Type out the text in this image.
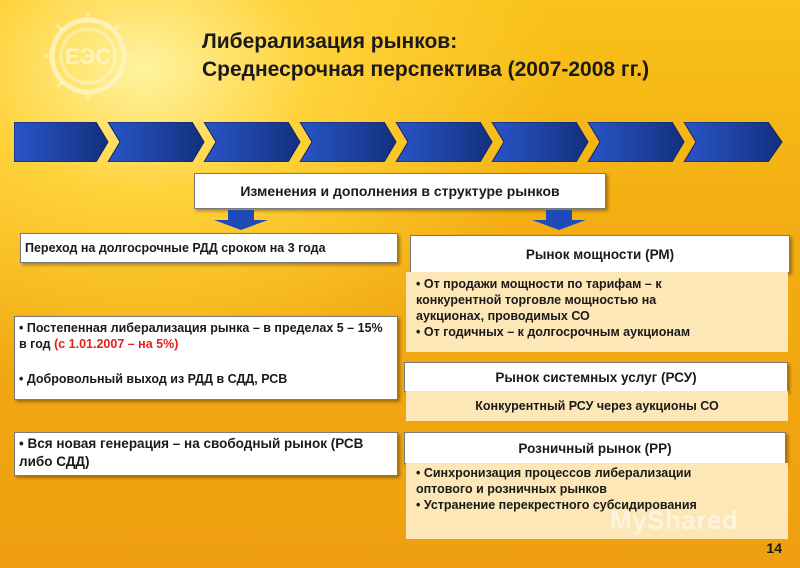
ЕЭС
Либерализация рынков:
Среднесрочная перспектива (2007-2008 гг.)
Изменения и дополнения в структуре рынков
Переход на долгосрочные РДД сроком на 3 года
• Постепенная либерализация рынка – в пределах 5 – 15% в год (с 1.01.2007 – на 5%)
• Добровольный выход из РДД в СДД, РСВ
• Вся новая генерация – на свободный рынок (РСВ либо СДД)
Рынок мощности (РМ)
• От продажи мощности по тарифам – к конкурентной торговле мощностью на аукционах, проводимых СО
• От годичных – к долгосрочным аукционам
Рынок системных услуг (РСУ)
Конкурентный РСУ через аукционы СО
Розничный рынок (РР)
• Синхронизация процессов либерализации оптового и розничных рынков
• Устранение перекрестного субсидирования
MyShared
14
